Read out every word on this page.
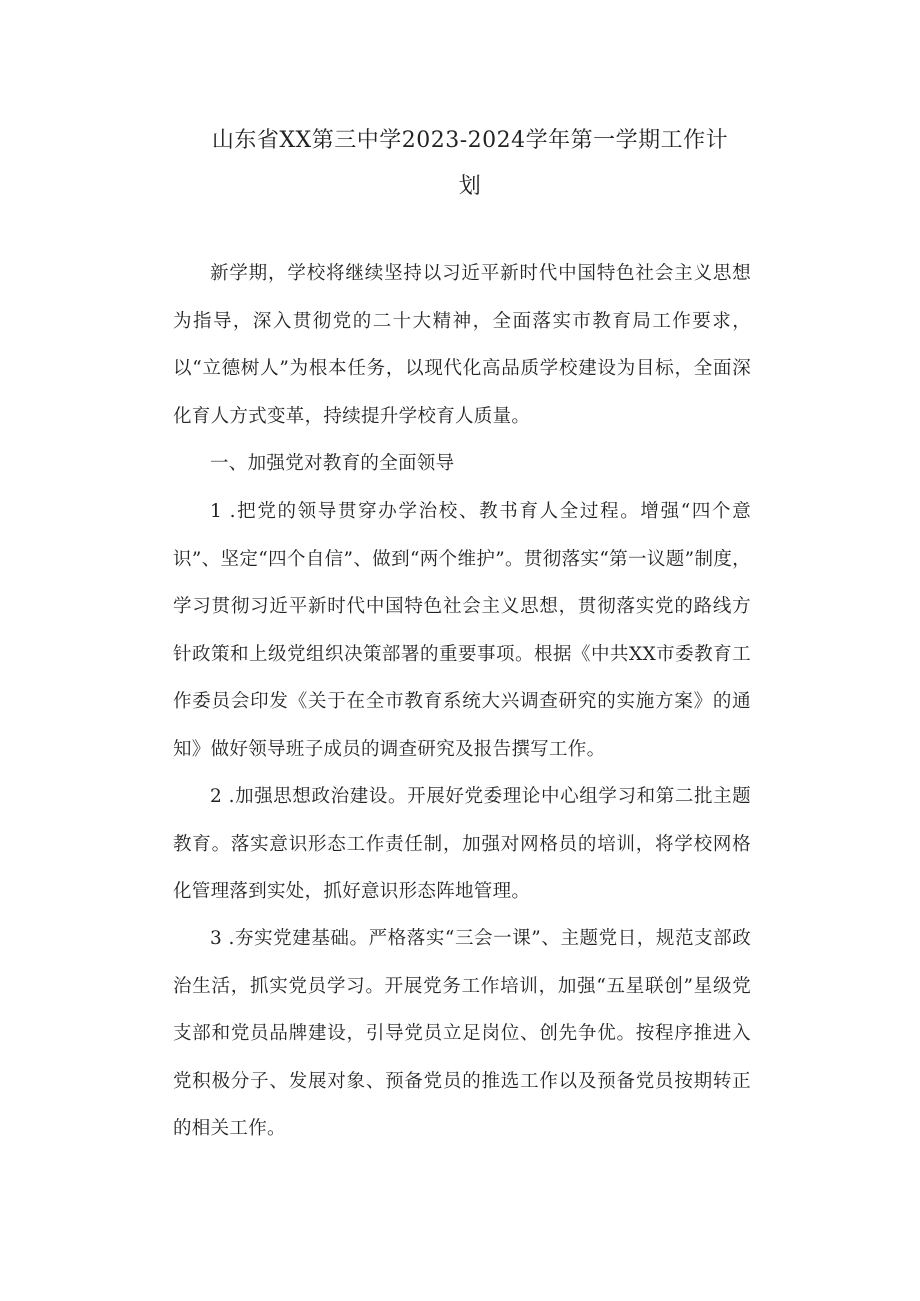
山东省XX第三中学2023-2024学年第一学期工作计
划
新学期，学校将继续坚持以习近平新时代中国特色社会主义思想为指导，深入贯彻党的二十大精神，全面落实市教育局工作要求，以“立德树人”为根本任务，以现代化高品质学校建设为目标，全面深化育人方式变革，持续提升学校育人质量。
一、加强党对教育的全面领导
1 .把党的领导贯穿办学治校、教书育人全过程。增强“四个意识”、坚定“四个自信”、做到“两个维护”。贯彻落实“第一议题”制度，学习贯彻习近平新时代中国特色社会主义思想，贯彻落实党的路线方针政策和上级党组织决策部署的重要事项。根据《中共XX市委教育工作委员会印发《关于在全市教育系统大兴调查研究的实施方案》的通知》做好领导班子成员的调查研究及报告撰写工作。
2 .加强思想政治建设。开展好党委理论中心组学习和第二批主题教育。落实意识形态工作责任制，加强对网格员的培训，将学校网格化管理落到实处，抓好意识形态阵地管理。
3 .夯实党建基础。严格落实“三会一课”、主题党日，规范支部政治生活，抓实党员学习。开展党务工作培训，加强“五星联创”星级党支部和党员品牌建设，引导党员立足岗位、创先争优。按程序推进入党积极分子、发展对象、预备党员的推选工作以及预备党员按期转正的相关工作。
